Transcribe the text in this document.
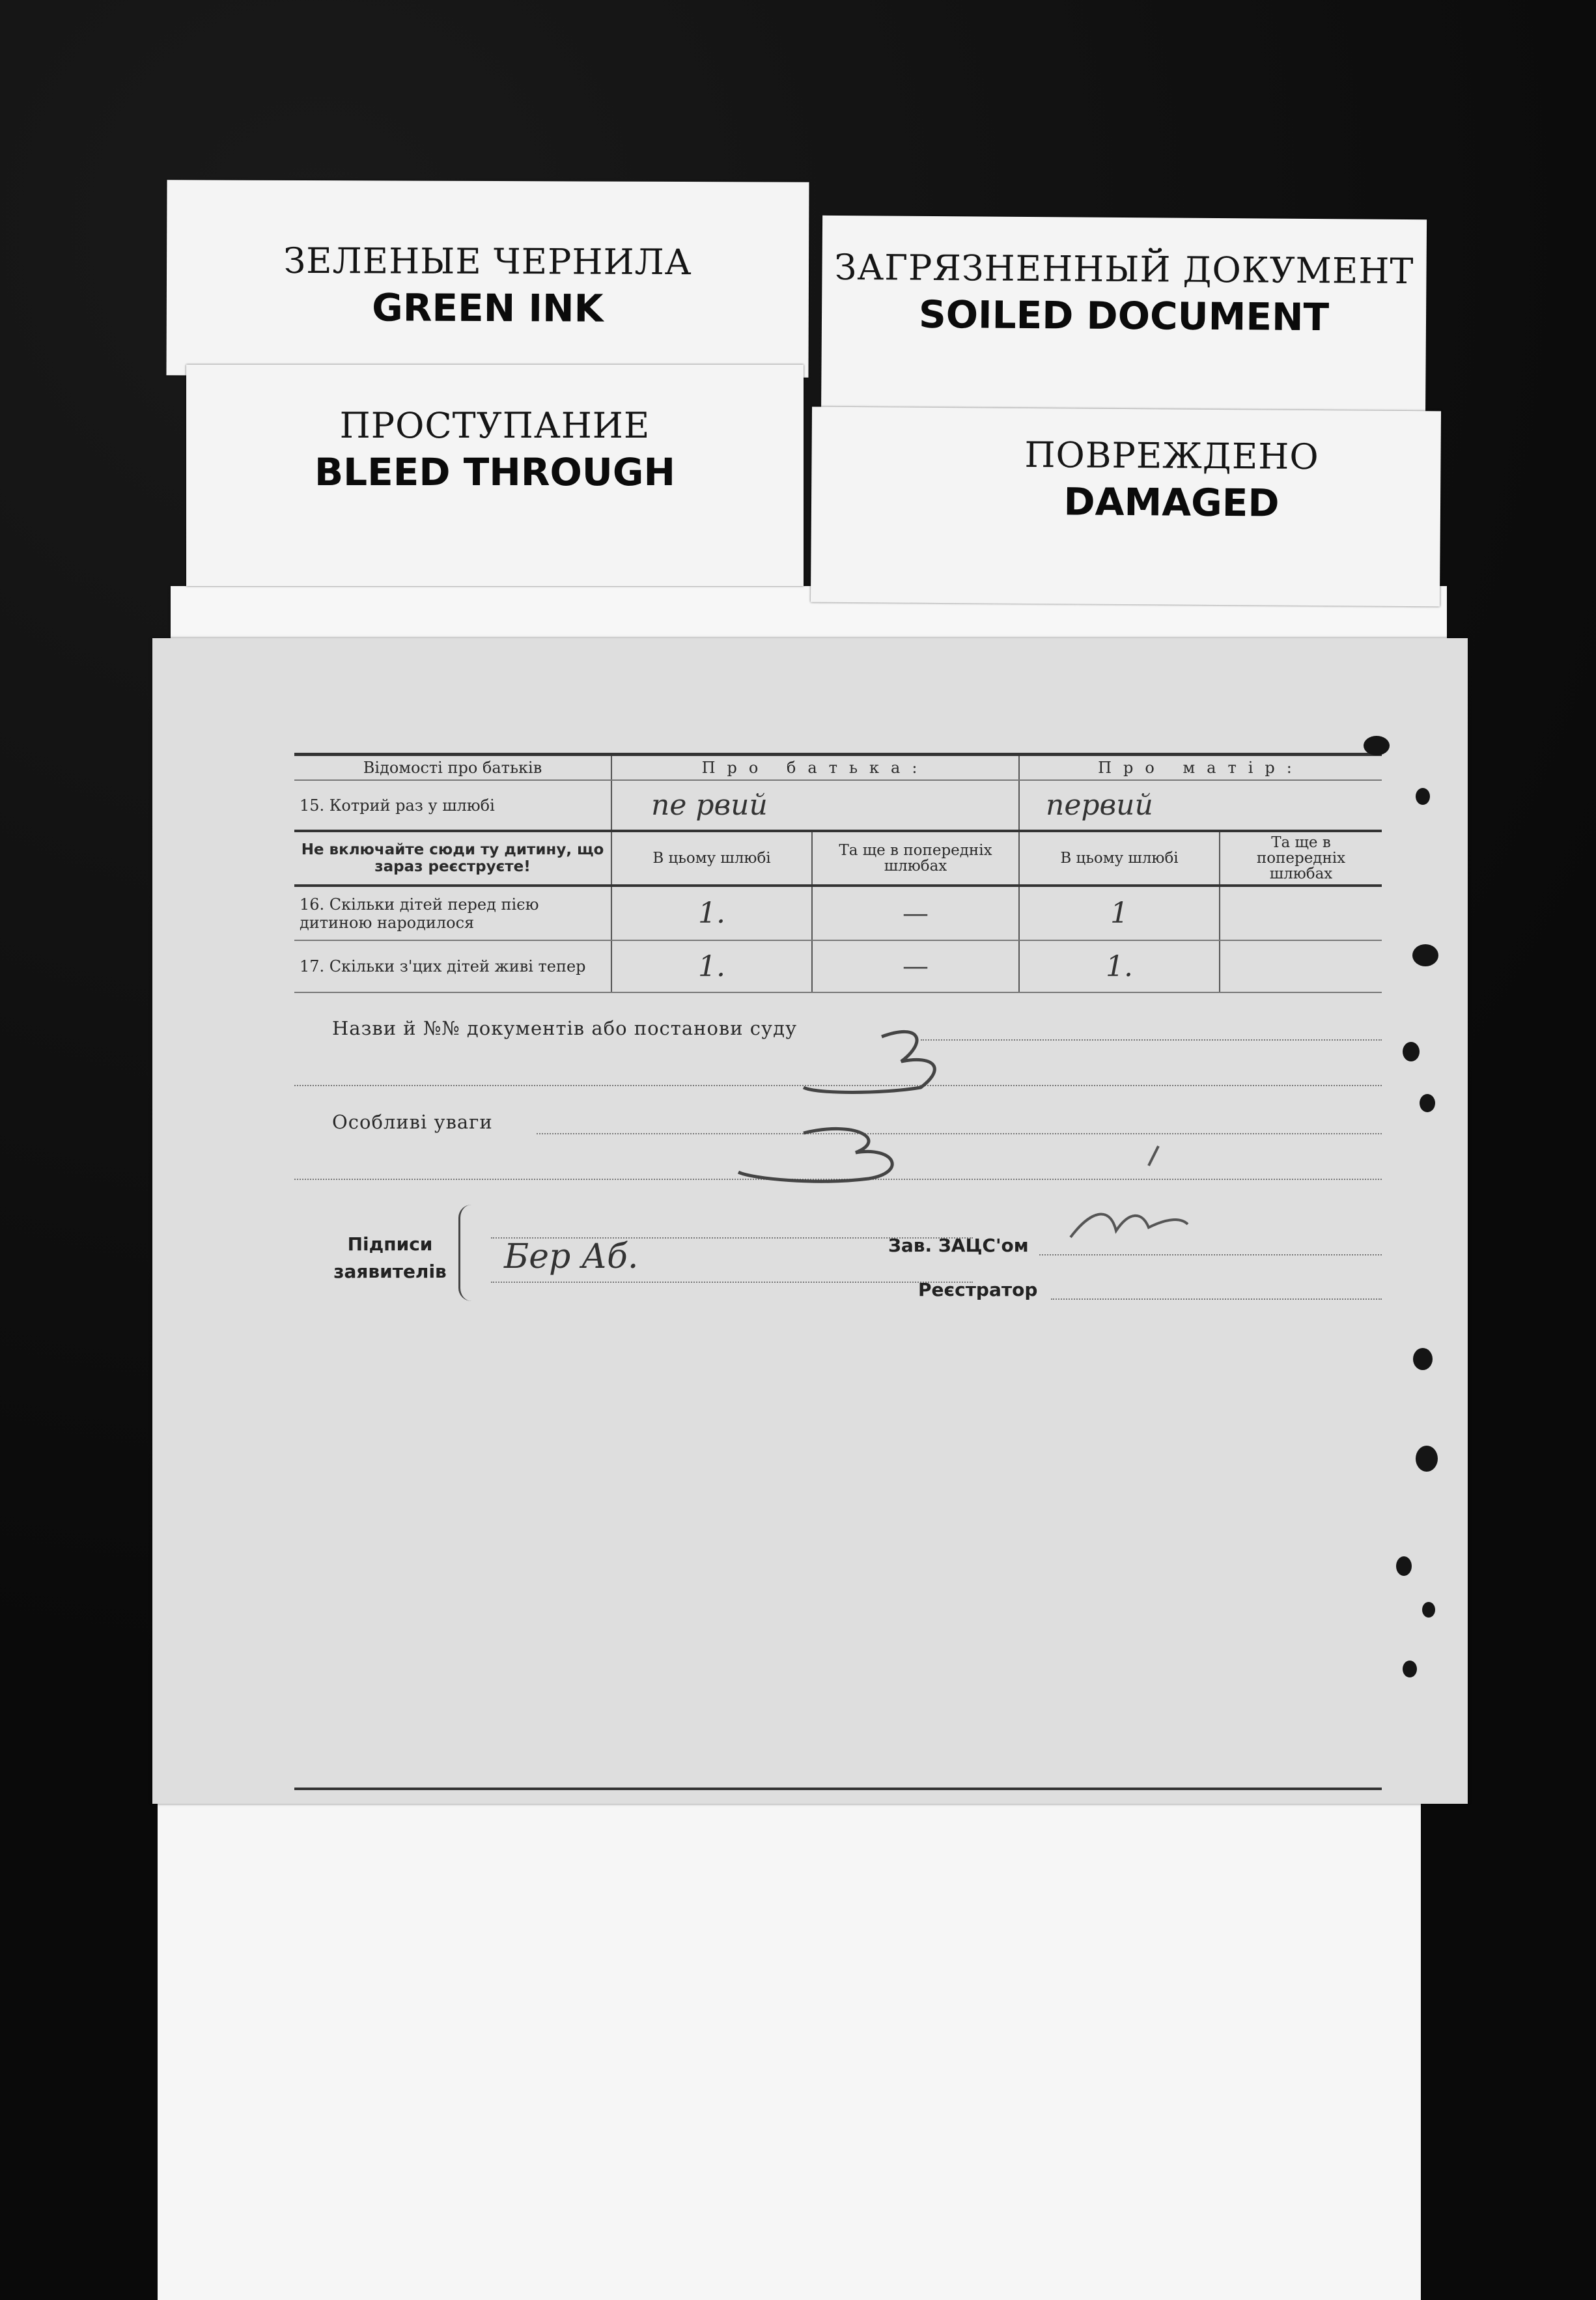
ЗЕЛЕНЫЕ ЧЕРНИЛА
GREEN INK
ПРОСТУПАНИЕ
BLEED THROUGH
ЗАГРЯЗНЕННЫЙ ДОКУМЕНТ
SOILED DOCUMENT
ПОВРЕЖДЕНО
DAMAGED
Відомості про батьків	Про батька:		Про матір:	
15. Котрий раз у шлюбі	пе рвий		первий	
Не включайте сюди ту дитину, що зараз реєструєте!	В цьому шлюбі	Та ще в попередніх шлюбах	В цьому шлюбі	Та ще в попередніх шлюбах
16. Скільки дітей перед пією дитиною народилося	1.	—	1	
17. Скільки з'цих дітей живі тепер	1.	—	1.	
Назви й №№ документів або постанови суду
Особливі уваги
Підписи заявителів Бер Аб.	Зав. ЗАЦС'ом
Реєстратор
